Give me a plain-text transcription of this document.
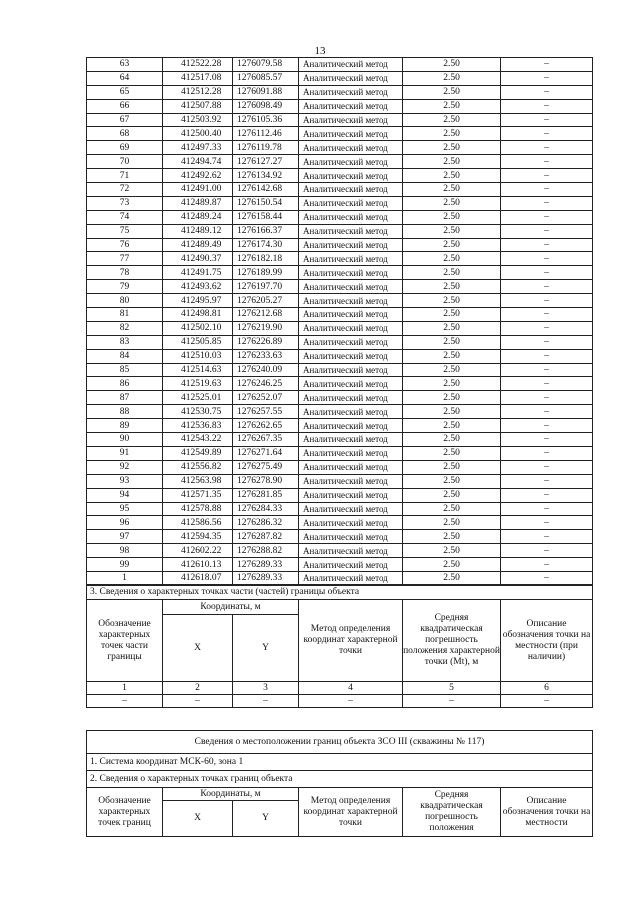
13
63	412522.28	1276079.58	Аналитический метод	2.50	–
64	412517.08	1276085.57	Аналитический метод	2.50	–
65	412512.28	1276091.88	Аналитический метод	2.50	–
66	412507.88	1276098.49	Аналитический метод	2.50	–
67	412503.92	1276105.36	Аналитический метод	2.50	–
68	412500.40	1276112.46	Аналитический метод	2.50	–
69	412497.33	1276119.78	Аналитический метод	2.50	–
70	412494.74	1276127.27	Аналитический метод	2.50	–
71	412492.62	1276134.92	Аналитический метод	2.50	–
72	412491.00	1276142.68	Аналитический метод	2.50	–
73	412489.87	1276150.54	Аналитический метод	2.50	–
74	412489.24	1276158.44	Аналитический метод	2.50	–
75	412489.12	1276166.37	Аналитический метод	2.50	–
76	412489.49	1276174.30	Аналитический метод	2.50	–
77	412490.37	1276182.18	Аналитический метод	2.50	–
78	412491.75	1276189.99	Аналитический метод	2.50	–
79	412493.62	1276197.70	Аналитический метод	2.50	–
80	412495.97	1276205.27	Аналитический метод	2.50	–
81	412498.81	1276212.68	Аналитический метод	2.50	–
82	412502.10	1276219.90	Аналитический метод	2.50	–
83	412505.85	1276226.89	Аналитический метод	2.50	–
84	412510.03	1276233.63	Аналитический метод	2.50	–
85	412514.63	1276240.09	Аналитический метод	2.50	–
86	412519.63	1276246.25	Аналитический метод	2.50	–
87	412525.01	1276252.07	Аналитический метод	2.50	–
88	412530.75	1276257.55	Аналитический метод	2.50	–
89	412536.83	1276262.65	Аналитический метод	2.50	–
90	412543.22	1276267.35	Аналитический метод	2.50	–
91	412549.89	1276271.64	Аналитический метод	2.50	–
92	412556.82	1276275.49	Аналитический метод	2.50	–
93	412563.98	1276278.90	Аналитический метод	2.50	–
94	412571.35	1276281.85	Аналитический метод	2.50	–
95	412578.88	1276284.33	Аналитический метод	2.50	–
96	412586.56	1276286.32	Аналитический метод	2.50	–
97	412594.35	1276287.82	Аналитический метод	2.50	–
98	412602.22	1276288.82	Аналитический метод	2.50	–
99	412610.13	1276289.33	Аналитический метод	2.50	–
1	412618.07	1276289.33	Аналитический метод	2.50	–
3. Сведения о характерных точках части (частей) границы объекта					
Обозначение характерных точек части границы	Координаты, м		Метод определения координат характерной точки	Средняя квадратическая погрешность положения характерной точки (Mt), м	Описание обозначения точки на местности (при наличии)
	X	Y			
1	2	3	4	5	6
–	–	–	–	–	–
Сведения о местоположении границ объекта ЗСО III (скважины № 117)					
1. Система координат МСК-60, зона 1					
2. Сведения о характерных точках границ объекта					
Обозначение характерных точек границ	Координаты, м		Метод определения координат характерной точки	Средняя квадратическая погрешность положения	Описание обозначения точки на местности
	X	Y			
